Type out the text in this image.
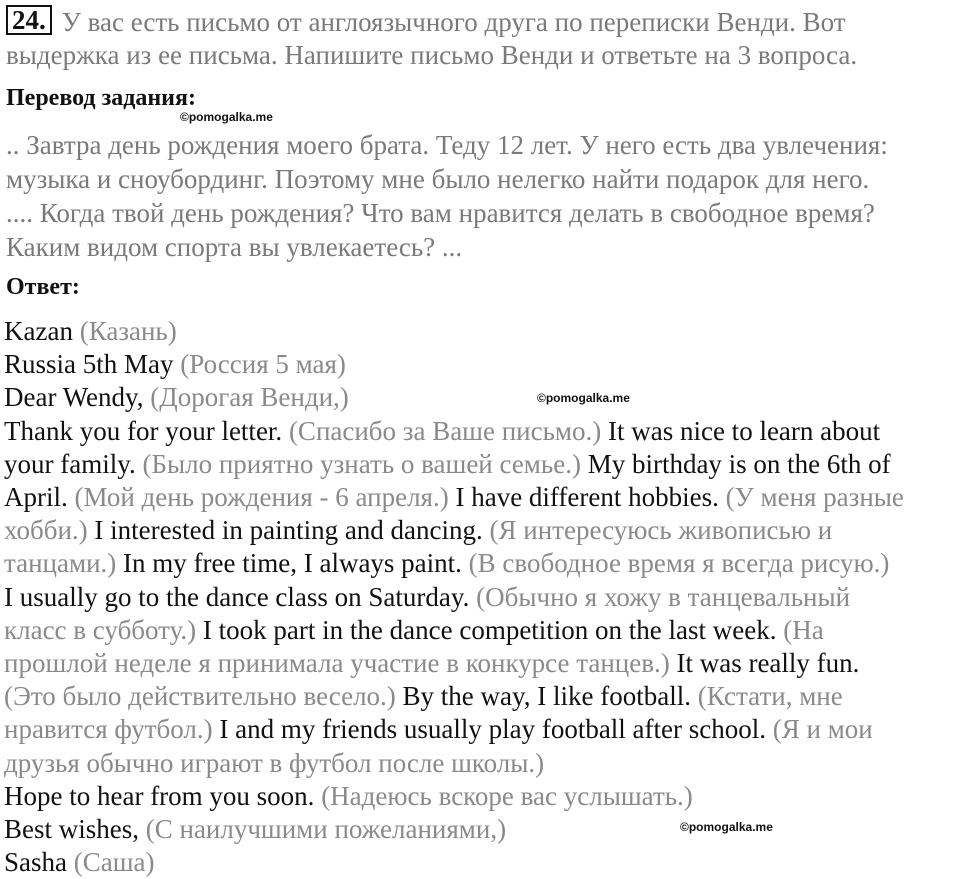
24. У вас есть письмо от англоязычного друга по переписки Венди. Вот выдержка из ее письма. Напишите письмо Венди и ответьте на 3 вопроса.

Перевод задания:

©pomogalka.me

.. Завтра день рождения моего брата. Теду 12 лет. У него есть два увлечения:
музыка и сноубординг. Поэтому мне было нелегко найти подарок для него.
.... Когда твой день рождения? Что вам нравится делать в свободное время?
Каким видом спорта вы увлекаетесь? ...

Ответ:

Kazan (Казань)
Russia 5th May (Россия 5 мая)
Dear Wendy, (Дорогая Венди,)
Thank you for your letter. (Спасибо за Ваше письмо.) It was nice to learn about
your family. (Было приятно узнать о вашей семье.) My birthday is on the 6th of
April. (Мой день рождения - 6 апреля.) I have different hobbies. (У меня разные
хобби.) I interested in painting and dancing. (Я интересуюсь живописью и
танцами.) In my free time, I always paint. (В свободное время я всегда рисую.)
I usually go to the dance class on Saturday. (Обычно я хожу в танцевальный
класс в субботу.) I took part in the dance competition on the last week. (На
прошлой неделе я принимала участие в конкурсе танцев.) It was really fun.
(Это было действительно весело.) By the way, I like football. (Кстати, мне
нравится футбол.) I and my friends usually play football after school. (Я и мои
друзья обычно играют в футбол после школы.)
Hope to hear from you soon. (Надеюсь вскоре вас услышать.)
Best wishes, (С наилучшими пожеланиями,)
Sasha (Саша)
©pomogalka.me
©pomogalka.me
